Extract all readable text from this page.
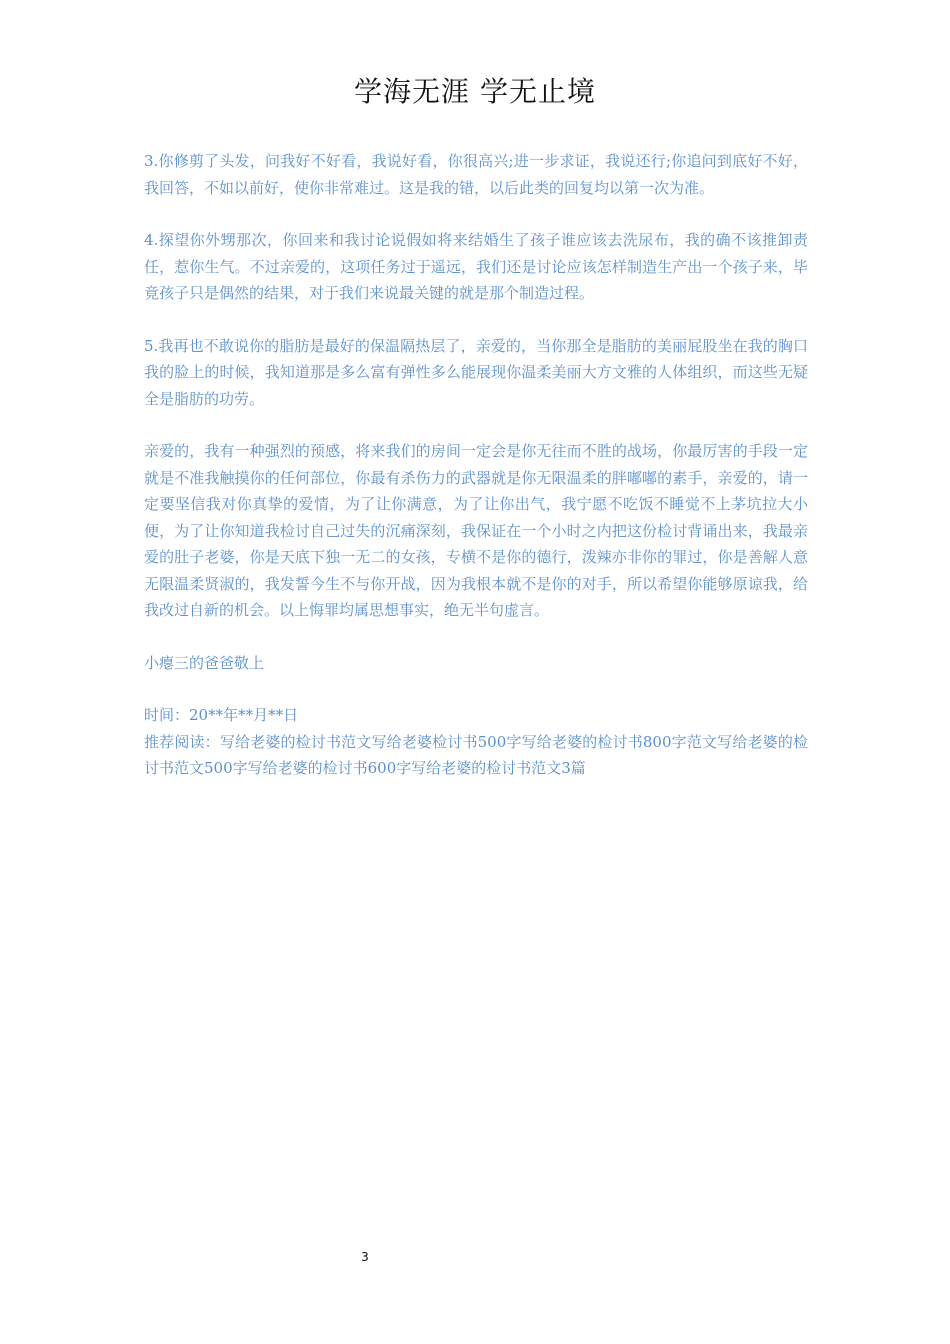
学海无涯 学无止境

3.你修剪了头发，问我好不好看，我说好看，你很高兴;进一步求证，我说还行;你追问到底好不好，我回答，不如以前好，使你非常难过。这是我的错，以后此类的回复均以第一次为准。

4.探望你外甥那次，你回来和我讨论说假如将来结婚生了孩子谁应该去洗尿布，我的确不该推卸责任，惹你生气。不过亲爱的，这项任务过于遥远，我们还是讨论应该怎样制造生产出一个孩子来，毕竟孩子只是偶然的结果，对于我们来说最关键的就是那个制造过程。

5.我再也不敢说你的脂肪是最好的保温隔热层了，亲爱的，当你那全是脂肪的美丽屁股坐在我的胸口我的脸上的时候，我知道那是多么富有弹性多么能展现你温柔美丽大方文雅的人体组织，而这些无疑全是脂肪的功劳。

亲爱的，我有一种强烈的预感，将来我们的房间一定会是你无往而不胜的战场，你最厉害的手段一定就是不准我触摸你的任何部位，你最有杀伤力的武器就是你无限温柔的胖嘟嘟的素手，亲爱的，请一定要坚信我对你真挚的爱情，为了让你满意，为了让你出气，我宁愿不吃饭不睡觉不上茅坑拉大小便，为了让你知道我检讨自己过失的沉痛深刻，我保证在一个小时之内把这份检讨背诵出来，我最亲爱的肚子老婆，你是天底下独一无二的女孩，专横不是你的德行，泼辣亦非你的罪过，你是善解人意无限温柔贤淑的，我发誓今生不与你开战，因为我根本就不是你的对手，所以希望你能够原谅我，给我改过自新的机会。以上悔罪均属思想事实，绝无半句虚言。

小瘪三的爸爸敬上

时间：20**年**月**日

推荐阅读：写给老婆的检讨书范文写给老婆检讨书500字写给老婆的检讨书800字范文写给老婆的检讨书范文500字写给老婆的检讨书600字写给老婆的检讨书范文3篇

3
